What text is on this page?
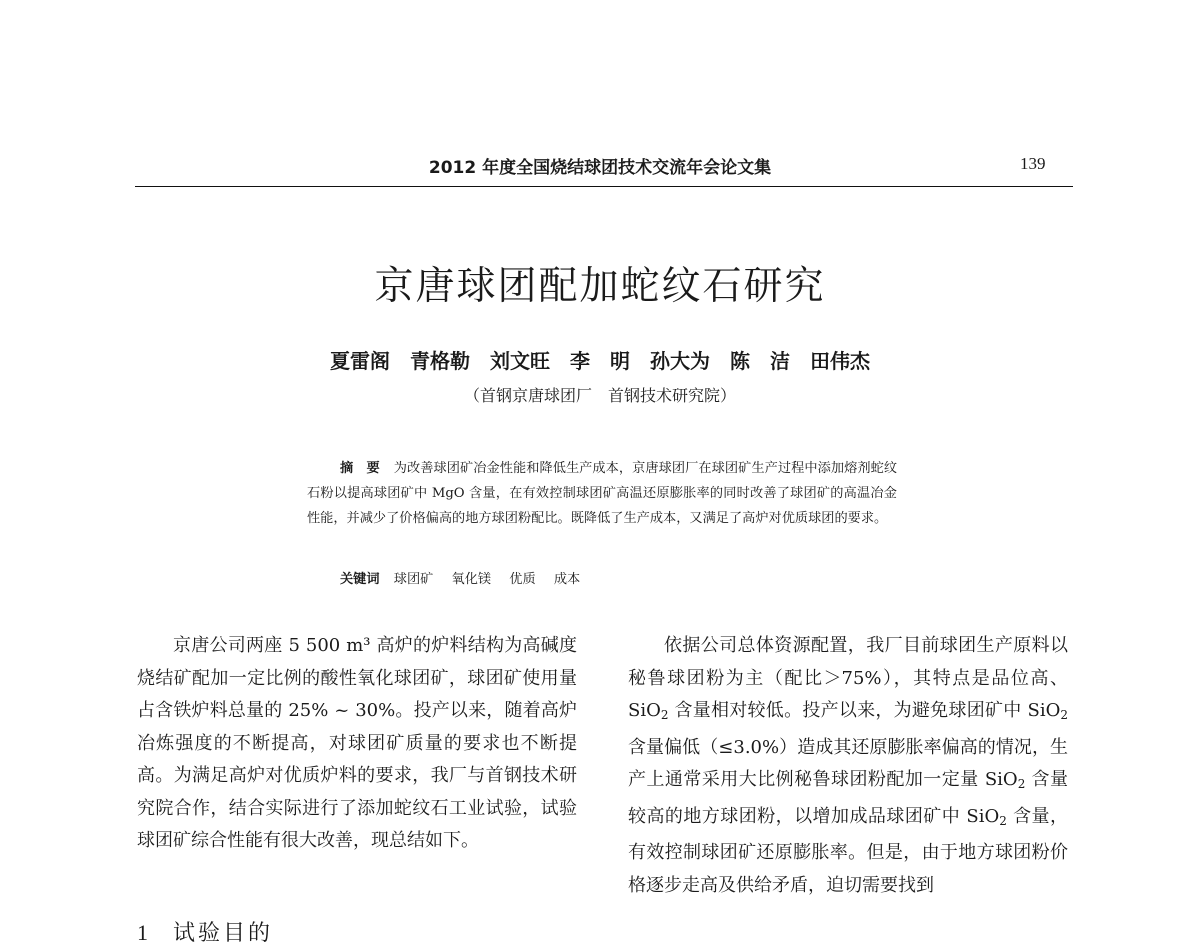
2012 年度全国烧结球团技术交流年会论文集	139
京唐球团配加蛇纹石研究
夏雷阁　青格勒　刘文旺　李　明　孙大为　陈　洁　田伟杰
（首钢京唐球团厂　首钢技术研究院）

摘　要 为改善球团矿冶金性能和降低生产成本，京唐球团厂在球团矿生产过程中添加熔剂蛇纹石粉以提高球团矿中 MgO 含量，在有效控制球团矿高温还原膨胀率的同时改善了球团矿的高温冶金性能，并减少了价格偏高的地方球团粉配比。既降低了生产成本，又满足了高炉对优质球团的要求。

关键词 球团矿 氧化镁 优质 成本

京唐公司两座 5 500 m³ 高炉的炉料结构为高碱度烧结矿配加一定比例的酸性氧化球团矿，球团矿使用量占含铁炉料总量的 25% ~ 30%。投产以来，随着高炉冶炼强度的不断提高，对球团矿质量的要求也不断提高。为满足高炉对优质炉料的要求，我厂与首钢技术研究院合作，结合实际进行了添加蛇纹石工业试验，试验球团矿综合性能有很大改善，现总结如下。

依据公司总体资源配置，我厂目前球团生产原料以秘鲁球团粉为主（配比＞75%），其特点是品位高、SiO$_2$ 含量相对较低。投产以来，为避免球团矿中 SiO$_2$ 含量偏低（≤3.0%）造成其还原膨胀率偏高的情况，生产上通常采用大比例秘鲁球团粉配加一定量 SiO$_2$ 含量较高的地方球团粉，以增加成品球团矿中 SiO$_2$ 含量，有效控制球团矿还原膨胀率。但是，由于地方球团粉价格逐步走高及供给矛盾，迫切需要找到

1 试验目的
